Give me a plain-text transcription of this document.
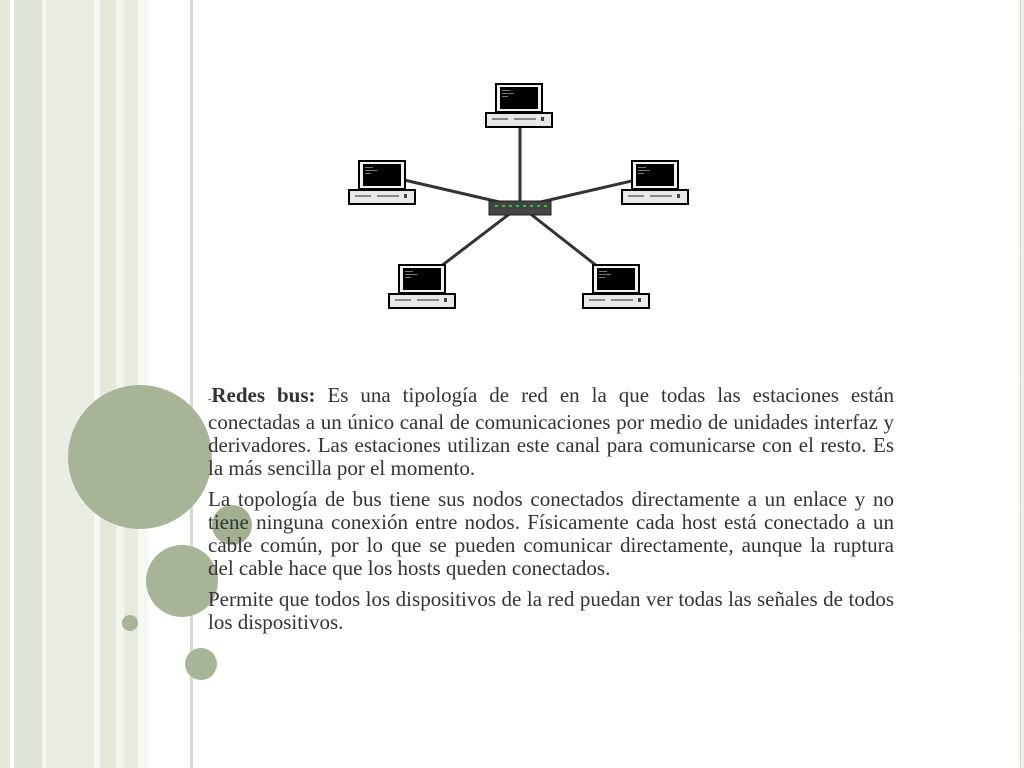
-Redes bus: Es una tipología de red en la que todas las estaciones están conectadas a un único canal de comunicaciones por medio de unidades interfaz y derivadores. Las estaciones utilizan este canal para comunicarse con el resto. Es la más sencilla por el momento.

La topología de bus tiene sus nodos conectados directamente a un enlace y no tiene ninguna conexión entre nodos. Físicamente cada host está conectado a un cable común, por lo que se pueden comunicar directamente, aunque la ruptura del cable hace que los hosts queden conectados.

Permite que todos los dispositivos de la red puedan ver todas las señales de todos los dispositivos.
